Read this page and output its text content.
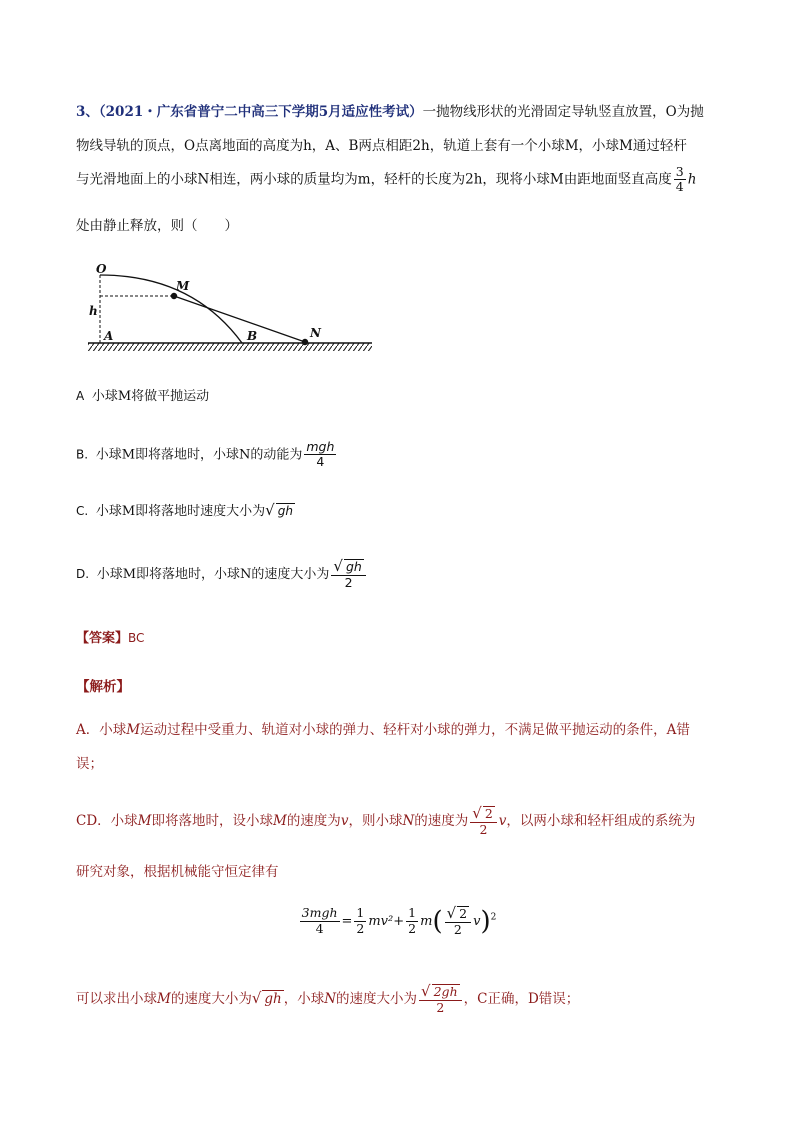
3、（2021・广东省普宁二中高三下学期5月适应性考试）一抛物线形状的光滑固定导轨竖直放置，O为抛
物线导轨的顶点，O点离地面的高度为h，A、B两点相距2h，轨道上套有一个小球M，小球M通过轻杆
与光滑地面上的小球N相连，两小球的质量均为m，轻杆的长度为2h，现将小球M由距地面竖直高度 $\frac{3}{4}$ h
处由静止释放，则（　　）
O
M
h
A	B	N
A 小球M将做平抛运动
B. 小球M即将落地时，小球N的动能为 $\frac{\text{mgh}}{4}$
C. 小球M即将落地时速度大小为√ gh
D. 小球M即将落地时，小球N的速度大小为 $\frac{√ gh}{2}$
【答案】BC
【解析】
A．小球M运动过程中受重力、轨道对小球的弹力、轻杆对小球的弹力，不满足做平抛运动的条件，A错
误；
CD．小球M即将落地时，设小球M的速度为v，则小球N的速度为 $\frac{√ 2}{2}$ v，以两小球和轻杆组成的系统为
研究对象，根据机械能守恒定律有
$\frac{\text{3mgh}}{4} = \frac{1}{2} mv^2+ \frac{1}{2} m( \frac{√ 2}{2} v)^2$
可以求出小球M的速度大小为√ gh ，小球N的速度大小为 $\frac{√ 2gh}{2}$ ，C正确，D错误；
